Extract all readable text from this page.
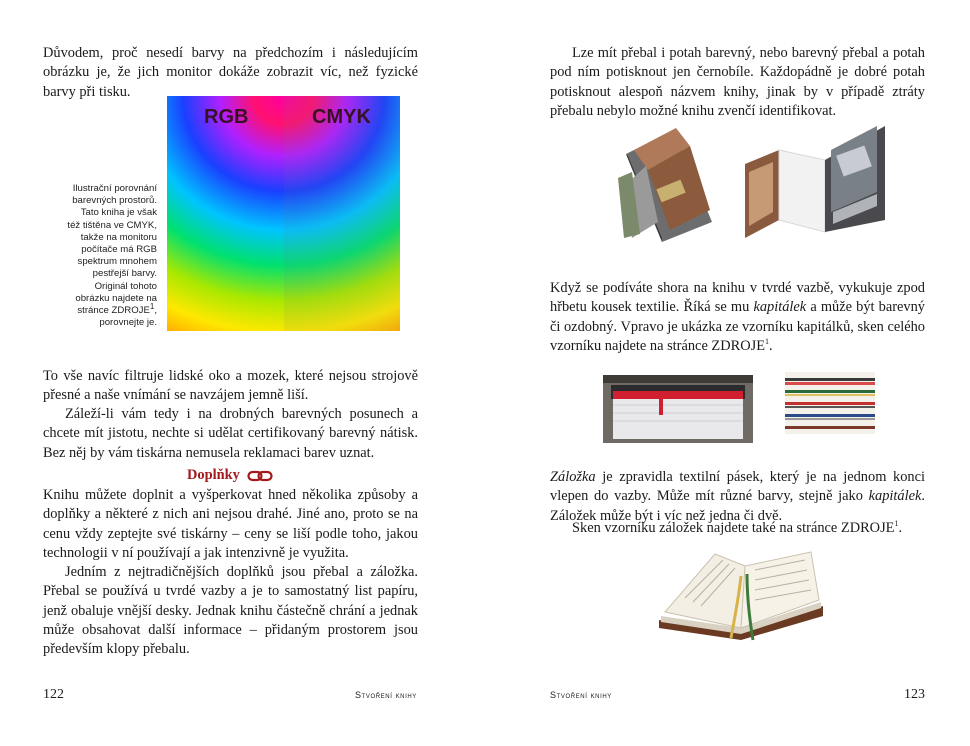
Důvodem, proč nesedí barvy na předchozím i následujícím obrázku je, že jich monitor dokáže zobrazit víc, než fyzické barvy při tisku.

RGB	CMYK
Ilustrační porovnání
barevných prostorů.
Tato kniha je však
též tištěna ve CMYK,
takže na monitoru
počítače má RGB
spektrum mnohem
pestřejší barvy.
Originál tohoto
obrázku najdete na
stránce ZDROJE$^1$,
porovnejte je.

To vše navíc filtruje lidské oko a mozek, které nejsou strojově přesné a naše vnímání se navzájem jemně liší.

Záleží-li vám tedy i na drobných barevných posunech a chcete mít jistotu, nechte si udělat certifikovaný barevný nátisk. Bez něj by vám tiskárna nemusela reklamaci barev uznat.

Doplňky

Knihu můžete doplnit a vyšperkovat hned několika způsoby a doplňky a některé z nich ani nejsou drahé. Jiné ano, proto se na cenu vždy zeptejte své tiskárny – ceny se liší podle toho, jakou technologii v ní používají a jak intenzivně je využita.

Jedním z nejtradičnějších doplňků jsou přebal a záložka. Přebal se používá u tvrdé vazby a je to samostatný list papíru, jenž obaluje vnější desky. Jednak knihu částečně chrání a jednak může obsahovat další informace – přidaným prostorem jsou především klopy přebalu.

122	Stvoření knihy

Lze mít přebal i potah barevný, nebo barevný přebal a potah pod ním potisknout jen černobíle. Každopádně je dobré potah potisknout alespoň názvem knihy, jinak by v případě ztráty přebalu nebylo možné knihu zvenčí identifikovat.

Když se podíváte shora na knihu v tvrdé vazbě, vykukuje zpod hřbetu kousek textilie. Říká se mu kapitálek a může být barevný či ozdobný. Vpravo je ukázka ze vzorníku kapitálků, sken celého vzorníku najdete na stránce ZDROJE$^1$.

Záložka je zpravidla textilní pásek, který je na jednom konci vlepen do vazby. Může mít různé barvy, stejně jako kapitálek. Záložek může být i víc než jedna či dvě.

Sken vzorníku záložek najdete také na stránce ZDROJE$^1$.

Stvoření knihy	123
